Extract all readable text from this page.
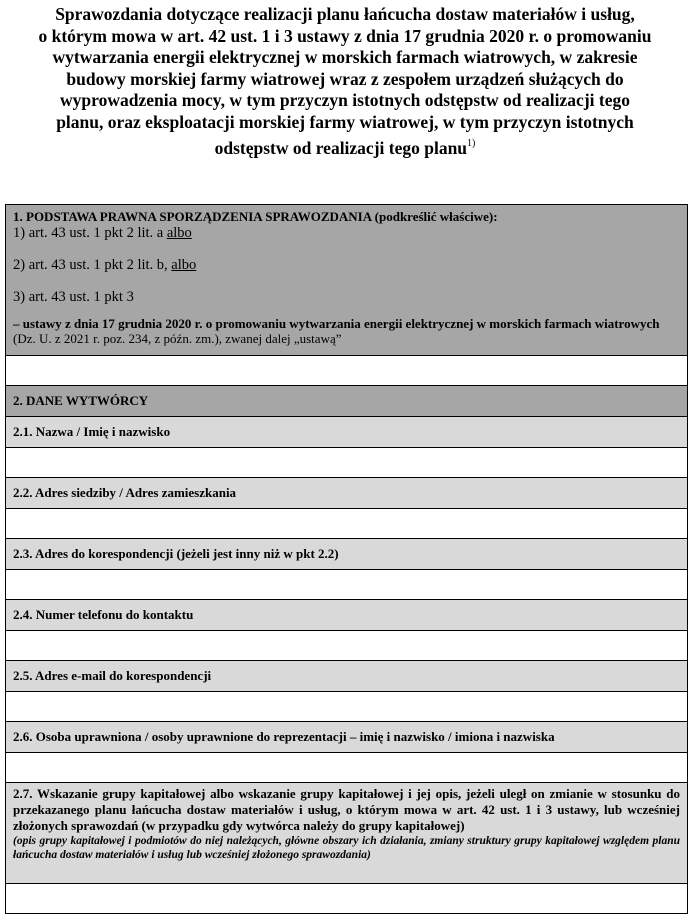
Sprawozdania dotyczące realizacji planu łańcucha dostaw materiałów i usług,
o którym mowa w art. 42 ust. 1 i 3 ustawy z dnia 17 grudnia 2020 r. o promowaniu
wytwarzania energii elektrycznej w morskich farmach wiatrowych, w zakresie
budowy morskiej farmy wiatrowej wraz z zespołem urządzeń służących do
wyprowadzenia mocy, w tym przyczyn istotnych odstępstw od realizacji tego
planu, oraz eksploatacji morskiej farmy wiatrowej, w tym przyczyn istotnych
odstępstw od realizacji tego planu$^{1)}$
1. PODSTAWA PRAWNA SPORZĄDZENIA SPRAWOZDANIA (podkreślić właściwe):
1) art. 43 ust. 1 pkt 2 lit. a albo
2) art. 43 ust. 1 pkt 2 lit. b, albo
3) art. 43 ust. 1 pkt 3
– ustawy z dnia 17 grudnia 2020 r. o promowaniu wytwarzania energii elektrycznej w morskich farmach wiatrowych (Dz. U. z 2021 r. poz. 234, z późn. zm.), zwanej dalej „ustawą”
2. DANE WYTWÓRCY
2.1. Nazwa / Imię i nazwisko
2.2. Adres siedziby / Adres zamieszkania
2.3. Adres do korespondencji (jeżeli jest inny niż w pkt 2.2)
2.4. Numer telefonu do kontaktu
2.5. Adres e-mail do korespondencji
2.6. Osoba uprawniona / osoby uprawnione do reprezentacji – imię i nazwisko / imiona i nazwiska
2.7. Wskazanie grupy kapitałowej albo wskazanie grupy kapitałowej i jej opis, jeżeli uległ on zmianie w stosunku do przekazanego planu łańcucha dostaw materiałów i usług, o którym mowa w art. 42 ust. 1 i 3 ustawy, lub wcześniej złożonych sprawozdań (w przypadku gdy wytwórca należy do grupy kapitałowej)
(opis grupy kapitałowej i podmiotów do niej należących, główne obszary ich działania, zmiany struktury grupy kapitałowej względem planu łańcucha dostaw materiałów i usług lub wcześniej złożonego sprawozdania)
